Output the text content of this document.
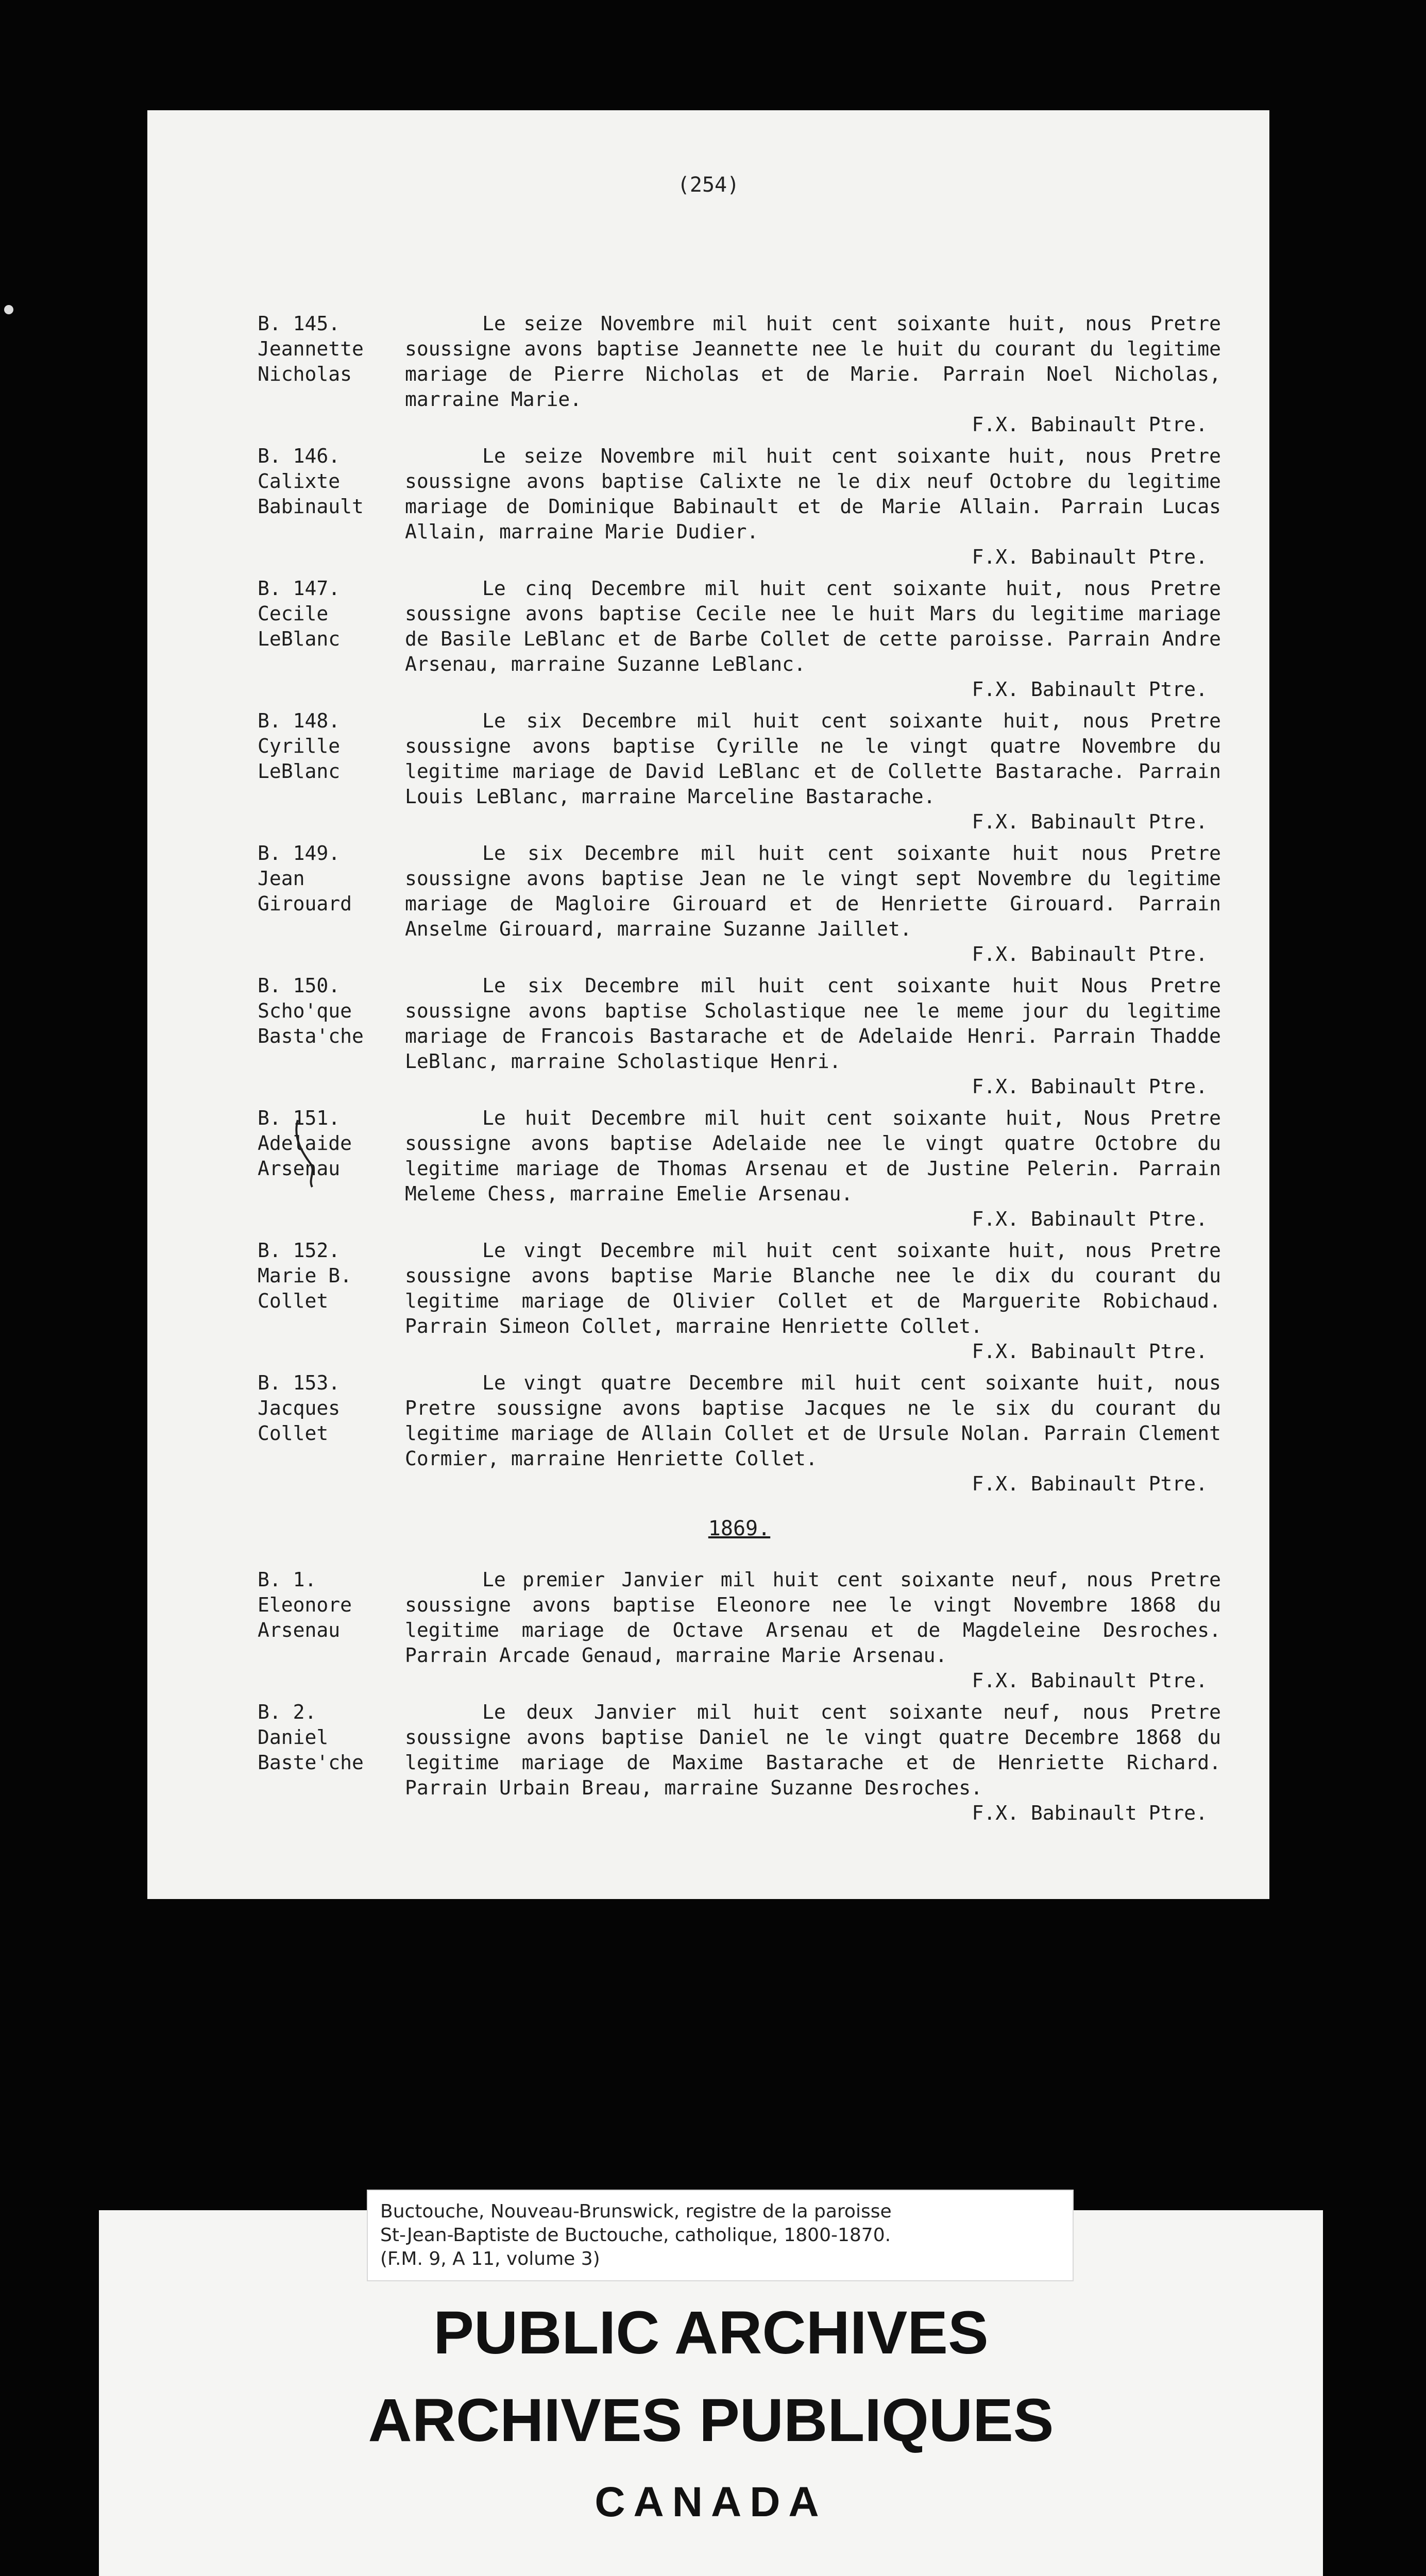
(254)
B. 145.
Jeannette
Nicholas
Le seize Novembre mil huit cent soixante huit, nous Pretre soussigne avons baptise Jeannette nee le huit du courant du legitime mariage de Pierre Nicholas et de Marie. Parrain Noel Nicholas, marraine Marie.
F.X. Babinault Ptre.
B. 146.
Calixte
Babinault
Le seize Novembre mil huit cent soixante huit, nous Pretre soussigne avons baptise Calixte ne le dix neuf Octobre du legitime mariage de Dominique Babinault et de Marie Allain. Parrain Lucas Allain, marraine Marie Dudier.
F.X. Babinault Ptre.
B. 147.
Cecile
LeBlanc
Le cinq Decembre mil huit cent soixante huit, nous Pretre soussigne avons baptise Cecile nee le huit Mars du legitime mariage de Basile LeBlanc et de Barbe Collet de cette paroisse. Parrain Andre Arsenau, marraine Suzanne LeBlanc.
F.X. Babinault Ptre.
B. 148.
Cyrille
LeBlanc
Le six Decembre mil huit cent soixante huit, nous Pretre soussigne avons baptise Cyrille ne le vingt quatre Novembre du legitime mariage de David LeBlanc et de Collette Bastarache. Parrain Louis LeBlanc, marraine Marceline Bastarache.
F.X. Babinault Ptre.
B. 149.
Jean
Girouard
Le six Decembre mil huit cent soixante huit nous Pretre soussigne avons baptise Jean ne le vingt sept Novembre du legitime mariage de Magloire Girouard et de Henriette Girouard. Parrain Anselme Girouard, marraine Suzanne Jaillet.
F.X. Babinault Ptre.
B. 150.
Scho'que
Basta'che
Le six Decembre mil huit cent soixante huit Nous Pretre soussigne avons baptise Scholastique nee le meme jour du legitime mariage de Francois Bastarache et de Adelaide Henri. Parrain Thadde LeBlanc, marraine Scholastique Henri.
F.X. Babinault Ptre.
B. 151.
Adelaide
Arsenau
Le huit Decembre mil huit cent soixante huit, Nous Pretre soussigne avons baptise Adelaide nee le vingt quatre Octobre du legitime mariage de Thomas Arsenau et de Justine Pelerin. Parrain Meleme Chess, marraine Emelie Arsenau.
F.X. Babinault Ptre.
B. 152.
Marie B.
Collet
Le vingt Decembre mil huit cent soixante huit, nous Pretre soussigne avons baptise Marie Blanche nee le dix du courant du legitime mariage de Olivier Collet et de Marguerite Robichaud. Parrain Simeon Collet, marraine Henriette Collet.
F.X. Babinault Ptre.
B. 153.
Jacques
Collet
Le vingt quatre Decembre mil huit cent soixante huit, nous Pretre soussigne avons baptise Jacques ne le six du courant du legitime mariage de Allain Collet et de Ursule Nolan. Parrain Clement Cormier, marraine Henriette Collet.
F.X. Babinault Ptre.
1869.
B. 1.
Eleonore
Arsenau
Le premier Janvier mil huit cent soixante neuf, nous Pretre soussigne avons baptise Eleonore nee le vingt Novembre 1868 du legitime mariage de Octave Arsenau et de Magdeleine Desroches. Parrain Arcade Genaud, marraine Marie Arsenau.
F.X. Babinault Ptre.
B. 2.
Daniel
Baste'che
Le deux Janvier mil huit cent soixante neuf, nous Pretre soussigne avons baptise Daniel ne le vingt quatre Decembre 1868 du legitime mariage de Maxime Bastarache et de Henriette Richard. Parrain Urbain Breau, marraine Suzanne Desroches.
F.X. Babinault Ptre.
Buctouche, Nouveau-Brunswick, registre de la paroisse
St-Jean-Baptiste de Buctouche, catholique, 1800-1870.
(F.M. 9, A 11, volume 3)
PUBLIC ARCHIVES
ARCHIVES PUBLIQUES
CANADA
